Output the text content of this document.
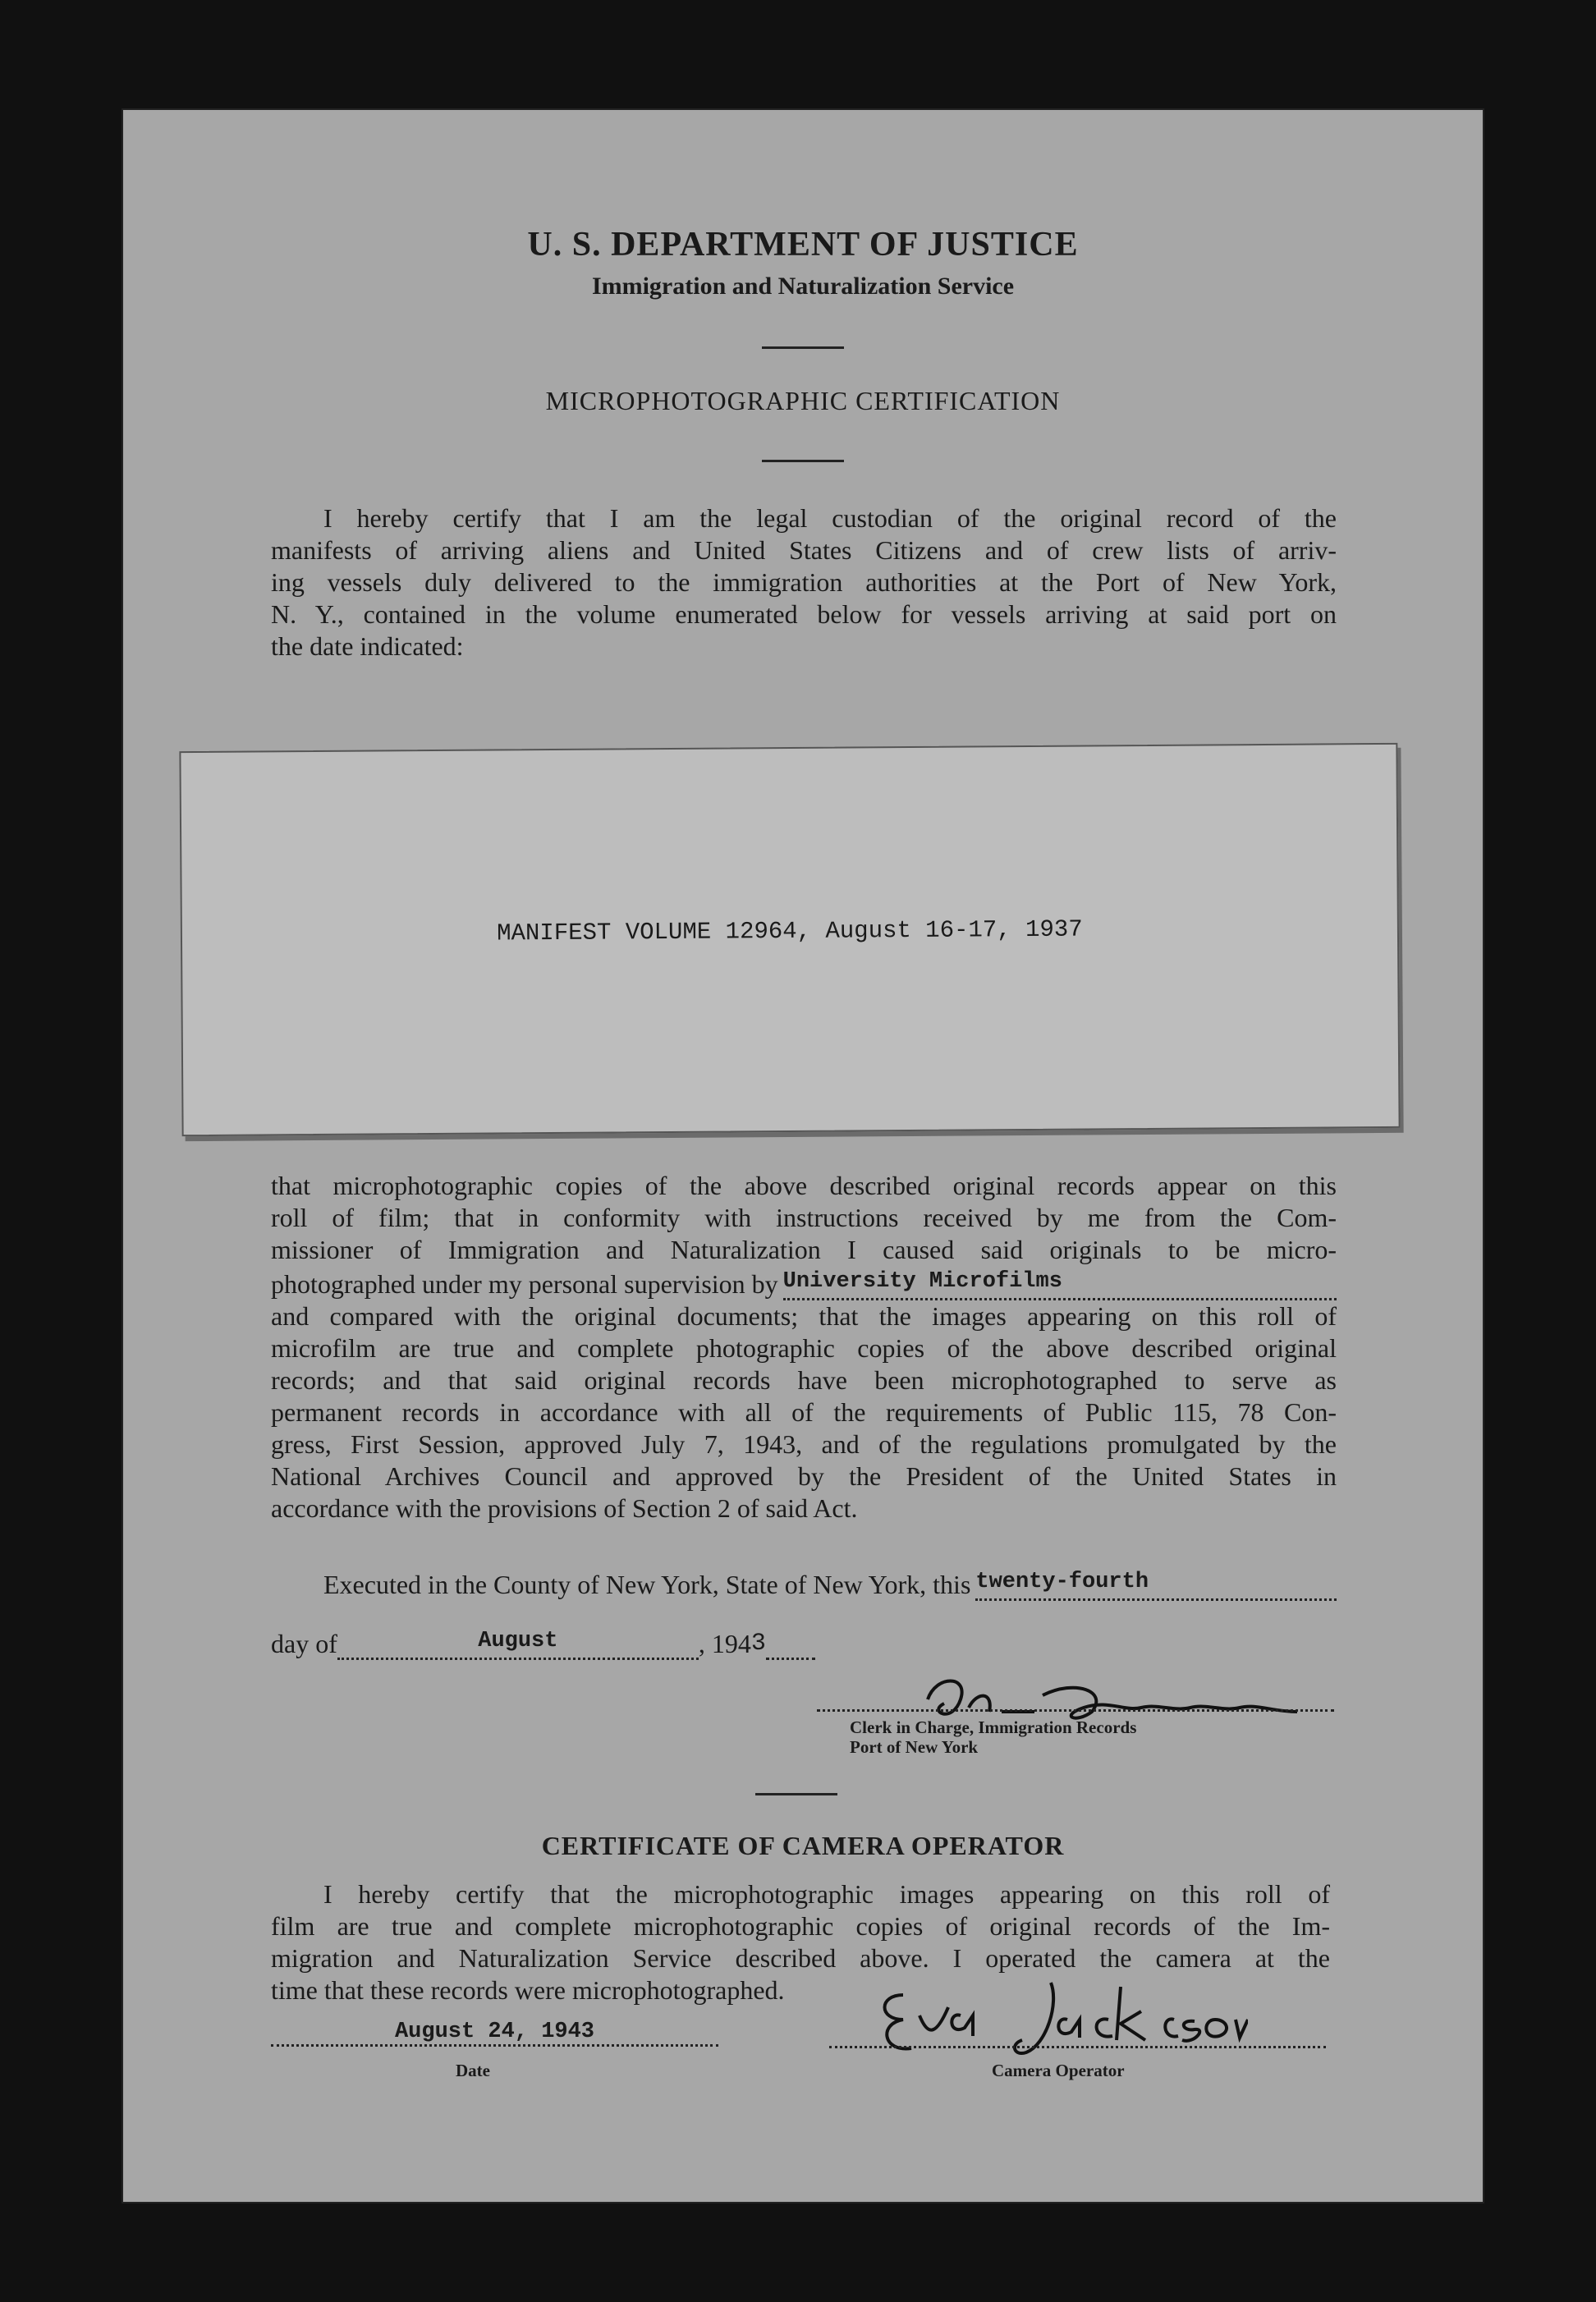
U. S. DEPARTMENT OF JUSTICE
Immigration and Naturalization Service
MICROPHOTOGRAPHIC CERTIFICATION
I hereby certify that I am the legal custodian of the original record of the
manifests of arriving aliens and United States Citizens and of crew lists of arriv-
ing vessels duly delivered to the immigration authorities at the Port of New York,
N. Y., contained in the volume enumerated below for vessels arriving at said port on
the date indicated:
MANIFEST VOLUME 12964, August 16-17, 1937
that microphotographic copies of the above described original records appear on this
roll of film; that in conformity with instructions received by me from the Com-
missioner of Immigration and Naturalization I caused said originals to be micro-
photographed under my personal supervision by University Microfilms
and compared with the original documents; that the images appearing on this roll of
microfilm are true and complete photographic copies of the above described original
records; and that said original records have been microphotographed to serve as
permanent records in accordance with all of the requirements of Public 115, 78 Con-
gress, First Session, approved July 7, 1943, and of the regulations promulgated by the
National Archives Council and approved by the President of the United States in
accordance with the provisions of Section 2 of said Act.
Executed in the County of New York, State of New York, this twenty-fourth
day of	August	, 194 3
Clerk in Charge, Immigration Records
Port of New York
CERTIFICATE OF CAMERA OPERATOR
I hereby certify that the microphotographic images appearing on this roll of
film are true and complete microphotographic copies of original records of the Im-
migration and Naturalization Service described above. I operated the camera at the
time that these records were microphotographed.
August 24, 1943
Date	Camera Operator
